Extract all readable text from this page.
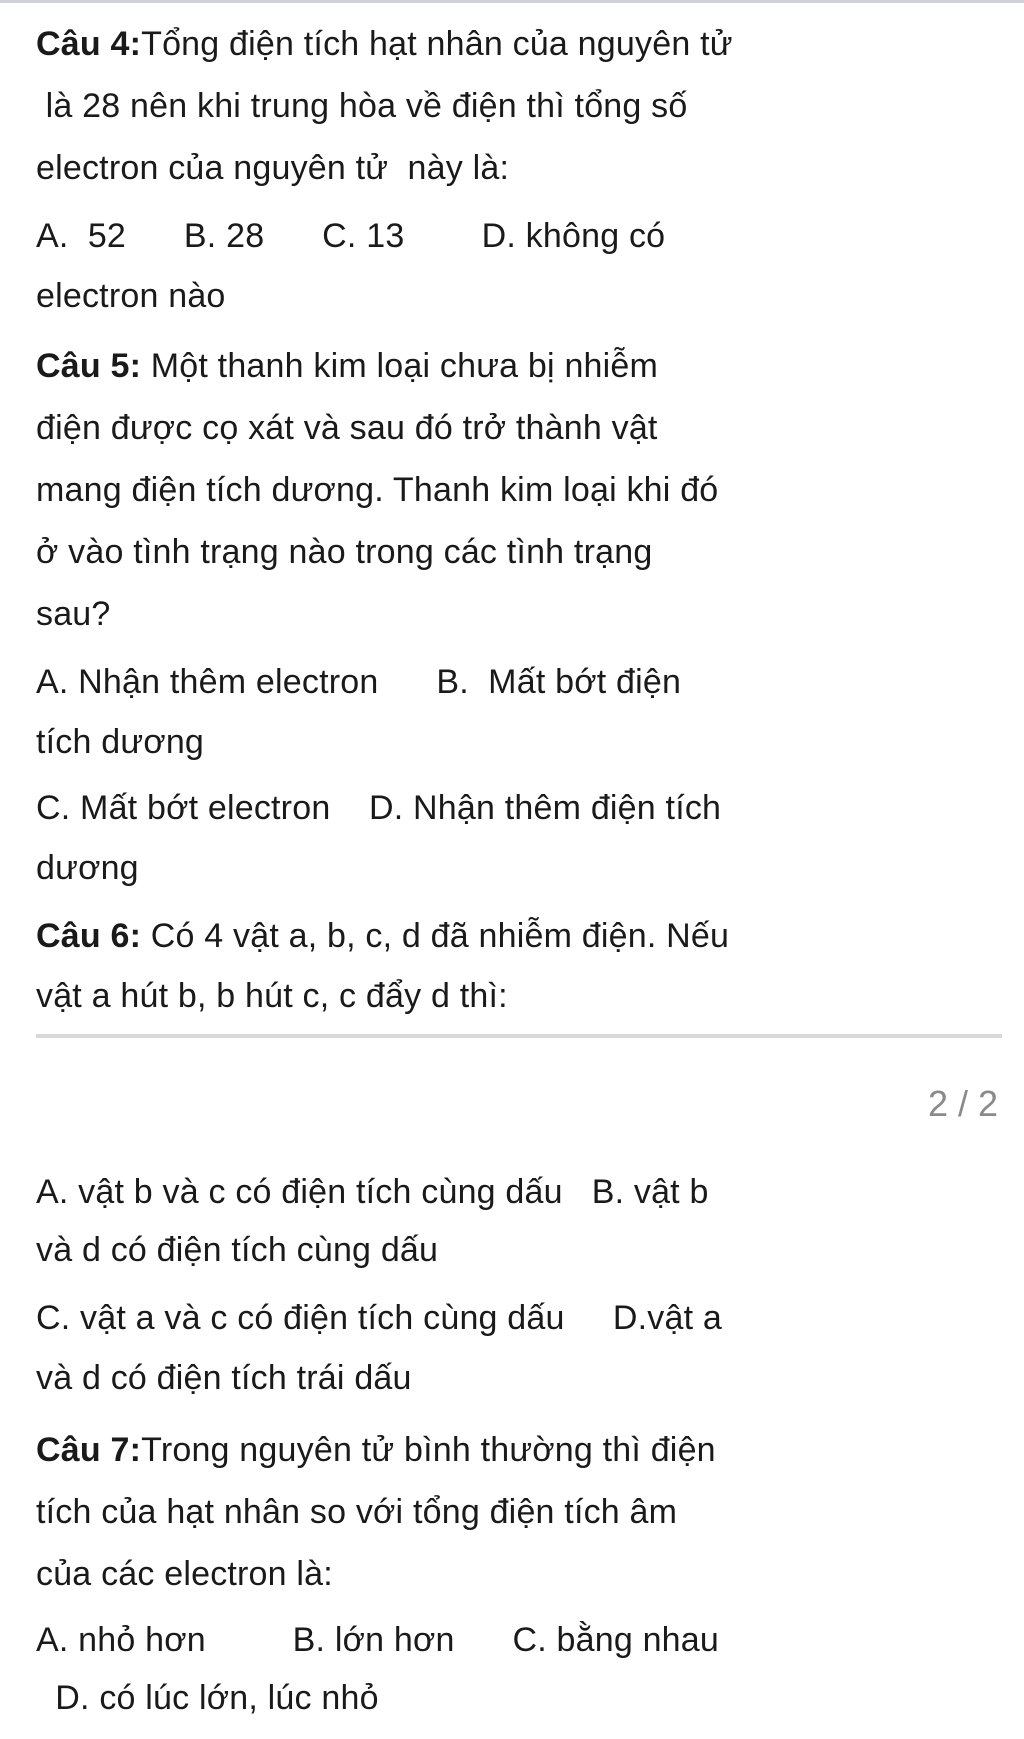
Câu 4:Tổng điện tích hạt nhân của nguyên tử
là 28 nên khi trung hòa về điện thì tổng số
electron của nguyên tử  này là:
A.  52      B. 28      C. 13        D. không có
electron nào
Câu 5: Một thanh kim loại chưa bị nhiễm
điện được cọ xát và sau đó trở thành vật
mang điện tích dương. Thanh kim loại khi đó
ở vào tình trạng nào trong các tình trạng
sau?
A. Nhận thêm electron      B.  Mất bớt điện
tích dương
C. Mất bớt electron    D. Nhận thêm điện tích
dương
Câu 6: Có 4 vật a, b, c, d đã nhiễm điện. Nếu
vật a hút b, b hút c, c đẩy d thì:
2 / 2
A. vật b và c có điện tích cùng dấu   B. vật b
và d có điện tích cùng dấu
C. vật a và c có điện tích cùng dấu     D.vật a
và d có điện tích trái dấu
Câu 7:Trong nguyên tử bình thường thì điện
tích của hạt nhân so với tổng điện tích âm
của các electron là:
A. nhỏ hơn         B. lớn hơn      C. bằng nhau
D. có lúc lớn, lúc nhỏ
